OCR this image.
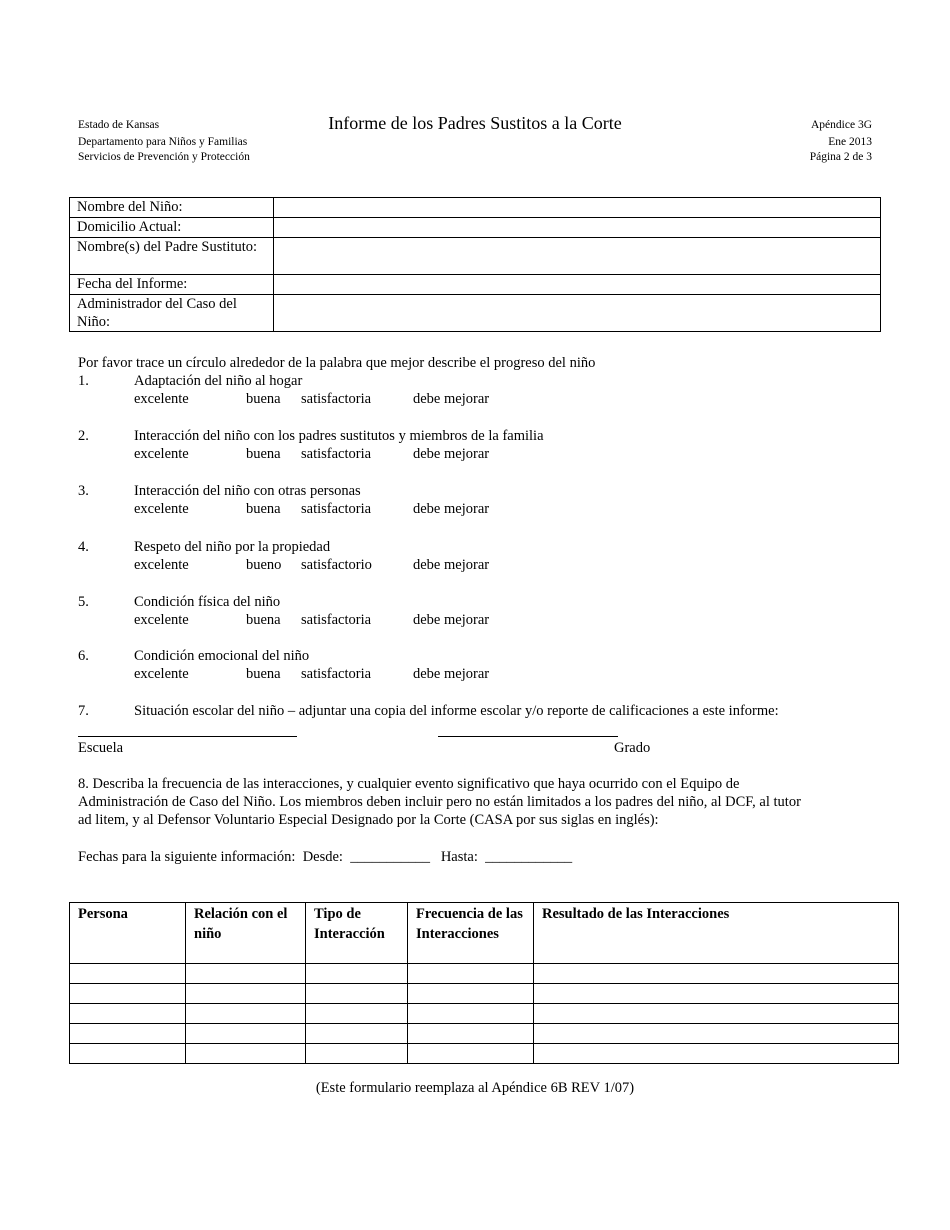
Estado de Kansas
Departamento para Niños y Familias
Servicios de Prevención y Protección
Informe de los Padres Sustitos a la Corte	Apéndice 3G
Ene 2013
Página 2 de 3
Nombre del Niño:	
Domicilio Actual:	
Nombre(s) del Padre Sustituto:	
Fecha del Informe:	
Administrador del Caso del Niño:	
Por favor trace un círculo alrededor de la palabra que mejor describe el progreso del niño
1.	Adaptación del niño al hogar
excelente	buena satisfactoria	debe mejorar
2.	Interacción del niño con los padres sustitutos y miembros de la familia
excelente	buena satisfactoria	debe mejorar
3.	Interacción del niño con otras personas
excelente	buena satisfactoria	debe mejorar
4.	Respeto del niño por la propiedad
excelente	bueno satisfactorio	debe mejorar
5.	Condición física del niño
excelente	buena satisfactoria	debe mejorar
6.	Condición emocional del niño
excelente	buena satisfactoria	debe mejorar
7.	Situación escolar del niño – adjuntar una copia del informe escolar y/o reporte de calificaciones a este informe:
Escuela	Grado
8. Describa la frecuencia de las interacciones, y cualquier evento significativo que haya ocurrido con el Equipo de
Administración de Caso del Niño. Los miembros deben incluir pero no están limitados a los padres del niño, al DCF, al tutor
ad litem, y al Defensor Voluntario Especial Designado por la Corte (CASA por sus siglas en inglés):
Fechas para la siguiente información: Desde: ___________ Hasta: ____________
Persona	Relación con el niño	Tipo de Interacción	Frecuencia de las Interacciones	Resultado de las Interacciones

(Este formulario reemplaza al Apéndice 6B REV 1/07)
